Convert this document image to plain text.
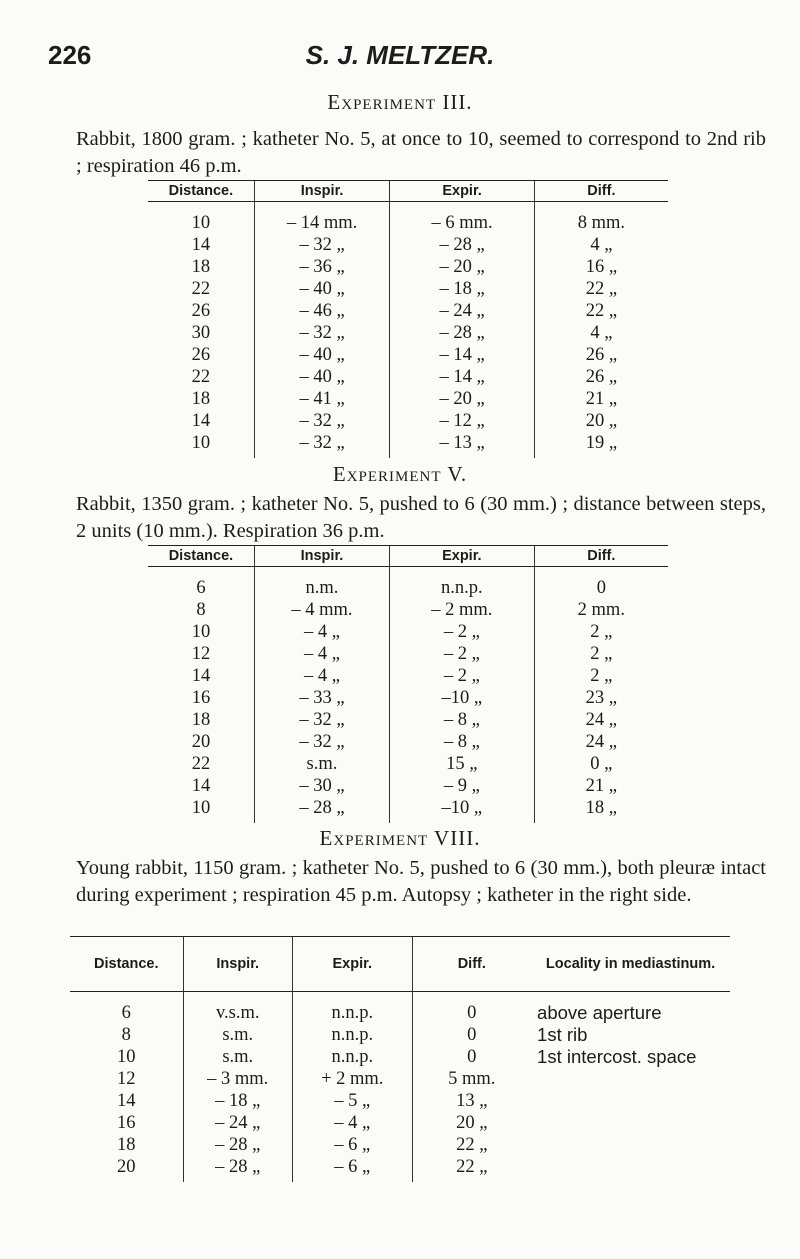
226	S. J. MELTZER.
Experiment III.
Rabbit, 1800 gram. ; katheter No. 5, at once to 10, seemed to correspond to 2nd rib ; respiration 46 p.m.
Distance.	Inspir.	Expir.	Diff.
10	– 14 mm.	– 6 mm.	8 mm.
14	– 32 „	– 28 „	4 „
18	– 36 „	– 20 „	16 „
22	– 40 „	– 18 „	22 „
26	– 46 „	– 24 „	22 „
30	– 32 „	– 28 „	4 „
26	– 40 „	– 14 „	26 „
22	– 40 „	– 14 „	26 „
18	– 41 „	– 20 „	21 „
14	– 32 „	– 12 „	20 „
10	– 32 „	– 13 „	19 „
Experiment V.
Rabbit, 1350 gram. ; katheter No. 5, pushed to 6 (30 mm.) ; distance between steps, 2 units (10 mm.). Respiration 36 p.m.
Distance.	Inspir.	Expir.	Diff.
6	n.m.	n.n.p.	0
8	– 4 mm.	– 2 mm.	2 mm.
10	– 4 „	– 2 „	2 „
12	– 4 „	– 2 „	2 „
14	– 4 „	– 2 „	2 „
16	– 33 „	–10 „	23 „
18	– 32 „	– 8 „	24 „
20	– 32 „	– 8 „	24 „
22	s.m.	15 „	0 „
14	– 30 „	– 9 „	21 „
10	– 28 „	–10 „	18 „
Experiment VIII.
Young rabbit, 1150 gram. ; katheter No. 5, pushed to 6 (30 mm.), both pleuræ intact during experiment ; respiration 45 p.m. Autopsy ; katheter in the right side.
Distance.	Inspir.	Expir.	Diff.	Locality in mediastinum.
6	v.s.m.	n.n.p.	0	above aperture
8	s.m.	n.n.p.	0	1st rib
10	s.m.	n.n.p.	0	1st intercost. space
12	– 3 mm.	+ 2 mm.	5 mm.	
14	– 18 „	– 5 „	13 „	
16	– 24 „	– 4 „	20 „	
18	– 28 „	– 6 „	22 „	
20	– 28 „	– 6 „	22 „	
